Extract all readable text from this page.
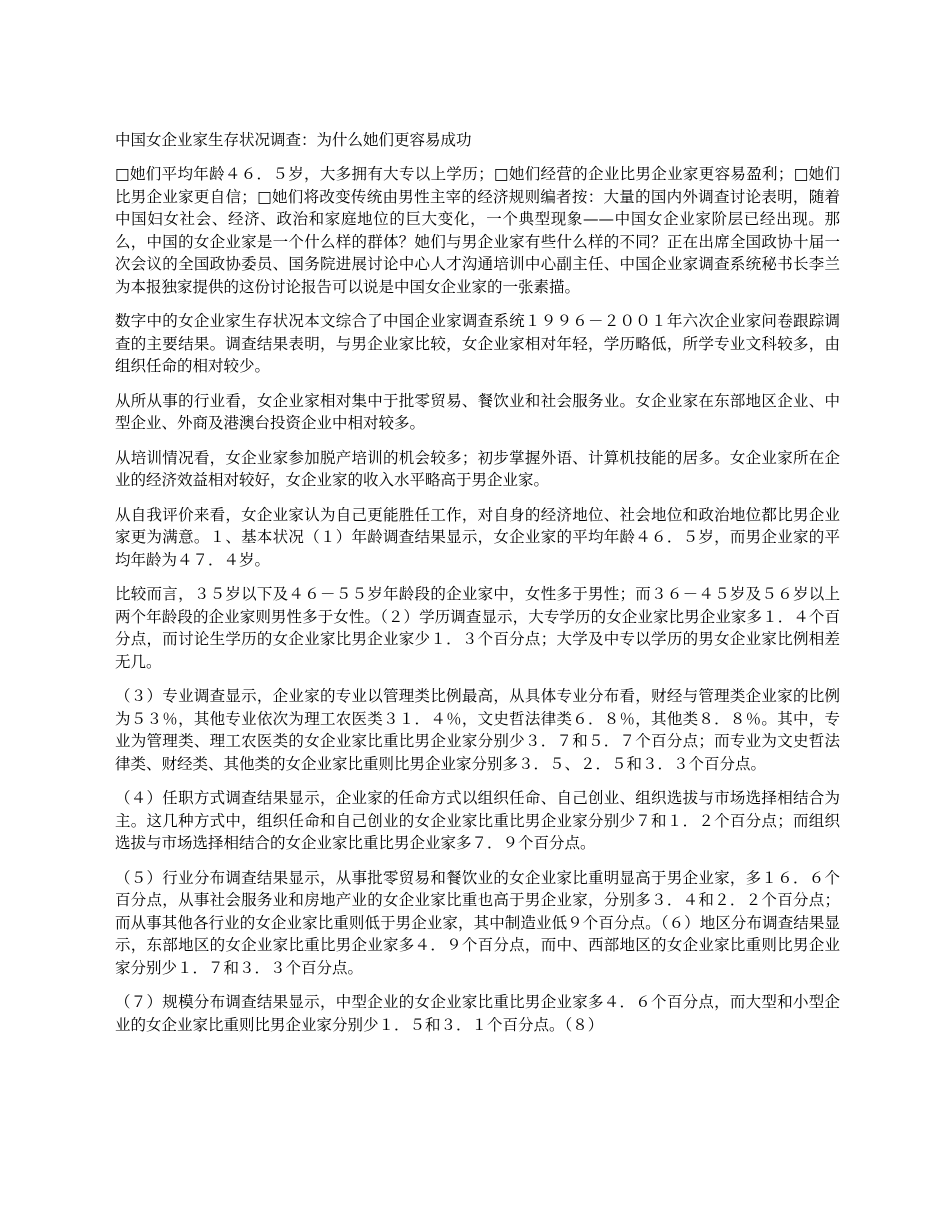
中国女企业家生存状况调查：为什么她们更容易成功

□她们平均年龄４６．５岁，大多拥有大专以上学历；□她们经营的企业比男企业家更容易盈利；□她们比男企业家更自信；□她们将改变传统由男性主宰的经济规则编者按：大量的国内外调查讨论表明，随着中国妇女社会、经济、政治和家庭地位的巨大变化，一个典型现象——中国女企业家阶层已经出现。那么，中国的女企业家是一个什么样的群体？她们与男企业家有些什么样的不同？正在出席全国政协十届一次会议的全国政协委员、国务院进展讨论中心人才沟通培训中心副主任、中国企业家调查系统秘书长李兰为本报独家提供的这份讨论报告可以说是中国女企业家的一张素描。

数字中的女企业家生存状况本文综合了中国企业家调查系统１９９６－２００１年六次企业家问卷跟踪调查的主要结果。调查结果表明，与男企业家比较，女企业家相对年轻，学历略低，所学专业文科较多，由组织任命的相对较少。

从所从事的行业看，女企业家相对集中于批零贸易、餐饮业和社会服务业。女企业家在东部地区企业、中型企业、外商及港澳台投资企业中相对较多。

从培训情况看，女企业家参加脱产培训的机会较多；初步掌握外语、计算机技能的居多。女企业家所在企业的经济效益相对较好，女企业家的收入水平略高于男企业家。

从自我评价来看，女企业家认为自己更能胜任工作，对自身的经济地位、社会地位和政治地位都比男企业家更为满意。１、基本状况（１）年龄调查结果显示，女企业家的平均年龄４６．５岁，而男企业家的平均年龄为４７．４岁。

比较而言，３５岁以下及４６－５５岁年龄段的企业家中，女性多于男性；而３６－４５岁及５６岁以上两个年龄段的企业家则男性多于女性。（２）学历调查显示，大专学历的女企业家比男企业家多１．４个百分点，而讨论生学历的女企业家比男企业家少１．３个百分点；大学及中专以学历的男女企业家比例相差无几。

（３）专业调查显示，企业家的专业以管理类比例最高，从具体专业分布看，财经与管理类企业家的比例为５３％，其他专业依次为理工农医类３１．４％，文史哲法律类６．８％，其他类８．８％。其中，专业为管理类、理工农医类的女企业家比重比男企业家分别少３．７和５．７个百分点；而专业为文史哲法律类、财经类、其他类的女企业家比重则比男企业家分别多３．５、２．５和３．３个百分点。

（４）任职方式调查结果显示，企业家的任命方式以组织任命、自己创业、组织选拔与市场选择相结合为主。这几种方式中，组织任命和自己创业的女企业家比重比男企业家分别少７和１．２个百分点；而组织选拔与市场选择相结合的女企业家比重比男企业家多７．９个百分点。

（５）行业分布调查结果显示，从事批零贸易和餐饮业的女企业家比重明显高于男企业家，多１６．６个百分点，从事社会服务业和房地产业的女企业家比重也高于男企业家，分别多３．４和２．２个百分点；而从事其他各行业的女企业家比重则低于男企业家，其中制造业低９个百分点。（６）地区分布调查结果显示，东部地区的女企业家比重比男企业家多４．９个百分点，而中、西部地区的女企业家比重则比男企业家分别少１．７和３．３个百分点。

（７）规模分布调查结果显示，中型企业的女企业家比重比男企业家多４．６个百分点，而大型和小型企业的女企业家比重则比男企业家分别少１．５和３．１个百分点。（８）
